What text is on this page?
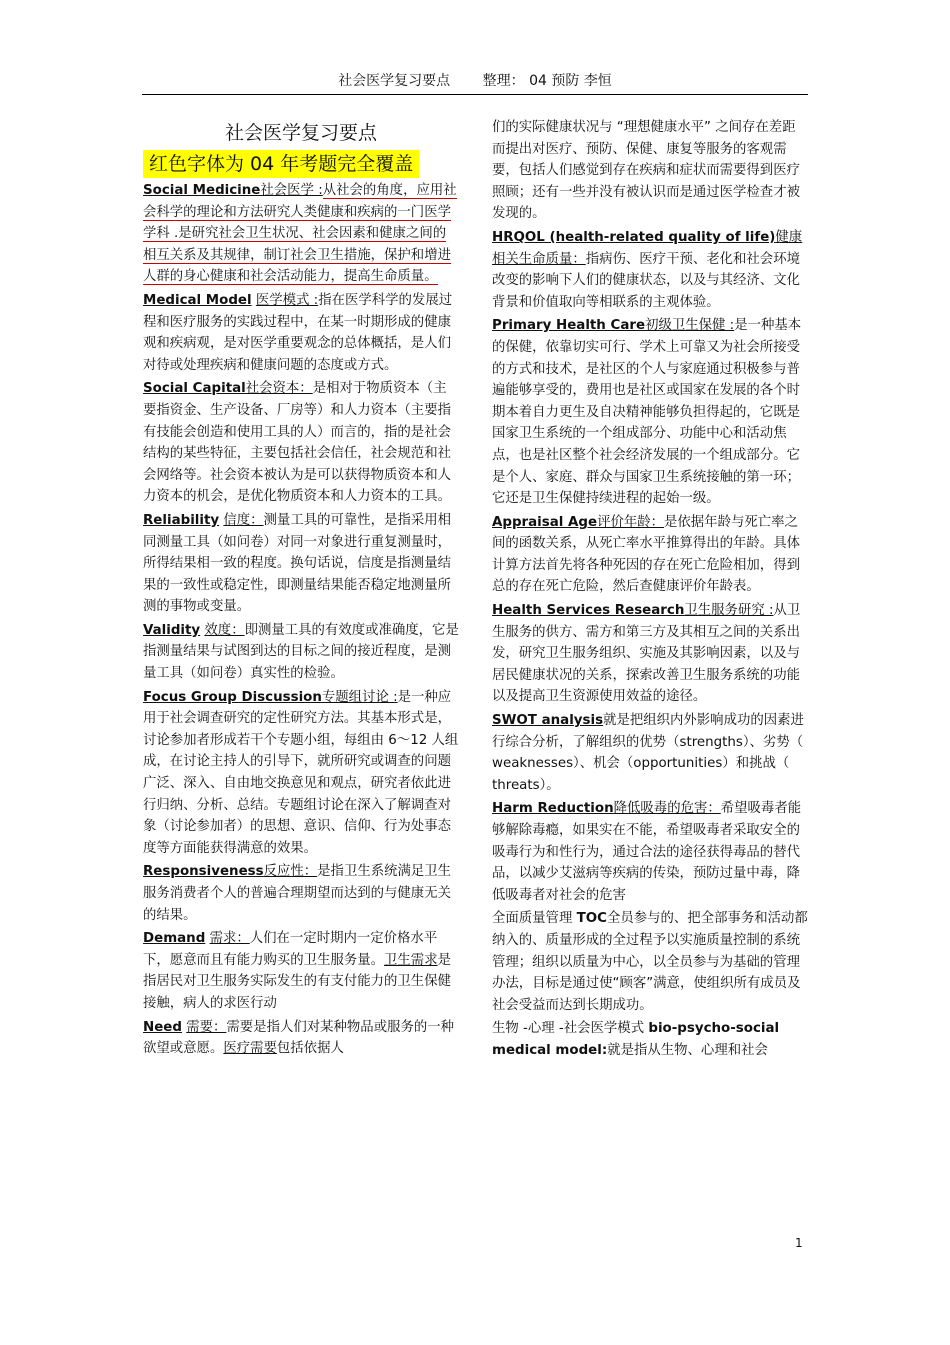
社会医学复习要点 整理： 04 预防 李恒
社会医学复习要点
红色字体为 04 年考题完全覆盖
Social Medicine社会医学 :从社会的角度，应用社会科学的理论和方法研究人类健康和疾病的一门医学学科 .是研究社会卫生状况、社会因素和健康之间的相互关系及其规律，制订社会卫生措施，保护和增进人群的身心健康和社会活动能力，提高生命质量。
Medical Model 医学模式 :指在医学科学的发展过程和医疗服务的实践过程中，在某一时期形成的健康观和疾病观，是对医学重要观念的总体概括，是人们对待或处理疾病和健康问题的态度或方式。
Social Capital社会资本：是相对于物质资本（主要指资金、生产设备、厂房等）和人力资本（主要指有技能会创造和使用工具的人）而言的，指的是社会结构的某些特征，主要包括社会信任，社会规范和社会网络等。社会资本被认为是可以获得物质资本和人力资本的机会，是优化物质资本和人力资本的工具。
Reliability 信度：测量工具的可靠性，是指采用相同测量工具（如问卷）对同一对象进行重复测量时，所得结果相一致的程度。换句话说，信度是指测量结果的一致性或稳定性，即测量结果能否稳定地测量所测的事物或变量。
Validity 效度：即测量工具的有效度或准确度，它是指测量结果与试图到达的目标之间的接近程度，是测量工具（如问卷）真实性的检验。
Focus Group Discussion专题组讨论 :是一种应用于社会调查研究的定性研究方法。其基本形式是，讨论参加者形成若干个专题小组，每组由 6～12 人组成，在讨论主持人的引导下，就所研究或调查的问题广泛、深入、自由地交换意见和观点，研究者依此进行归纳、分析、总结。专题组讨论在深入了解调查对象（讨论参加者）的思想、意识、信仰、行为处事态度等方面能获得满意的效果。
Responsiveness反应性：是指卫生系统满足卫生服务消费者个人的普遍合理期望而达到的与健康无关的结果。
Demand 需求：人们在一定时期内一定价格水平下，愿意而且有能力购买的卫生服务量。卫生需求是指居民对卫生服务实际发生的有支付能力的卫生保健接触，病人的求医行动
Need 需要：需要是指人们对某种物品或服务的一种欲望或意愿。医疗需要包括依据人
们的实际健康状况与 “理想健康水平” 之间存在差距而提出对医疗、预防、保健、康复等服务的客观需要，包括人们感觉到存在疾病和症状而需要得到医疗照顾；还有一些并没有被认识而是通过医学检查才被发现的。
HRQOL (health-related quality of life)健康相关生命质量：指病伤、医疗干预、老化和社会环境改变的影响下人们的健康状态，以及与其经济、文化背景和价值取向等相联系的主观体验。
Primary Health Care初级卫生保健 :是一种基本的保健，依靠切实可行、学术上可靠又为社会所接受的方式和技术，是社区的个人与家庭通过积极参与普遍能够享受的，费用也是社区或国家在发展的各个时期本着自力更生及自决精神能够负担得起的，它既是国家卫生系统的一个组成部分、功能中心和活动焦点，也是社区整个社会经济发展的一个组成部分。它是个人、家庭、群众与国家卫生系统接触的第一环；它还是卫生保健持续进程的起始一级。
Appraisal Age评价年龄：是依据年龄与死亡率之间的函数关系，从死亡率水平推算得出的年龄。具体计算方法首先将各种死因的存在死亡危险相加，得到总的存在死亡危险，然后查健康评价年龄表。
Health Services Research卫生服务研究 :从卫生服务的供方、需方和第三方及其相互之间的关系出发，研究卫生服务组织、实施及其影响因素，以及与居民健康状况的关系，探索改善卫生服务系统的功能以及提高卫生资源使用效益的途径。
SWOT analysis就是把组织内外影响成功的因素进行综合分析，了解组织的优势（strengths）、劣势（ weaknesses）、机会（opportunities）和挑战（ threats）。
Harm Reduction降低吸毒的危害：希望吸毒者能够解除毒瘾，如果实在不能，希望吸毒者采取安全的吸毒行为和性行为，通过合法的途径获得毒品的替代品，以减少艾滋病等疾病的传染，预防过量中毒，降低吸毒者对社会的危害
全面质量管理 TOC全员参与的、把全部事务和活动都纳入的、质量形成的全过程予以实施质量控制的系统管理；组织以质量为中心，以全员参与为基础的管理办法，目标是通过使“顾客”满意，使组织所有成员及社会受益而达到长期成功。
生物 -心理 -社会医学模式 bio-psycho-social medical model:就是指从生物、心理和社会
1
